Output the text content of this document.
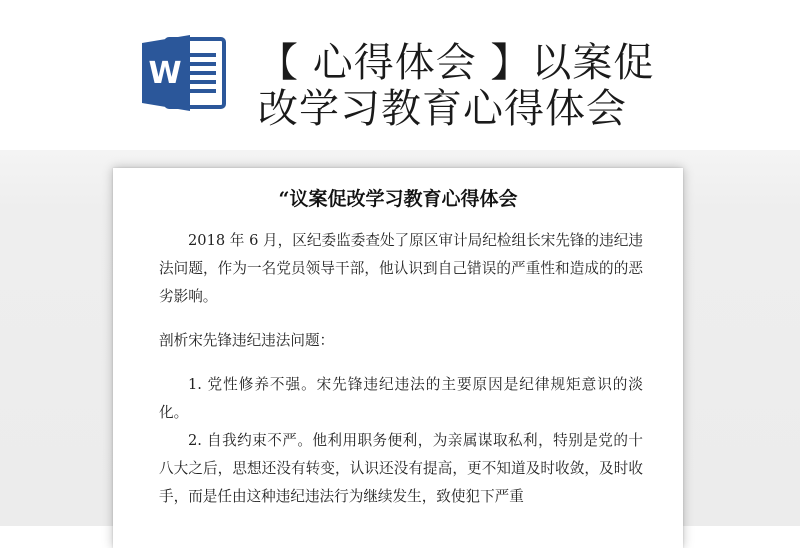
W 【 心得体会 】以案促
改学习教育心得体会
“议案促改学习教育心得体会

2018 年 6 月，区纪委监委查处了原区审计局纪检组长宋先锋的违纪违法问题，作为一名党员领导干部，他认识到自己错误的严重性和造成的的恶劣影响。

剖析宋先锋违纪违法问题：

1. 党性修养不强。宋先锋违纪违法的主要原因是纪律规矩意识的淡化。

2. 自我约束不严。他利用职务便利，为亲属谋取私利，特别是党的十八大之后，思想还没有转变，认识还没有提高，更不知道及时收敛，及时收手，而是任由这种违纪违法行为继续发生，致使犯下严重
